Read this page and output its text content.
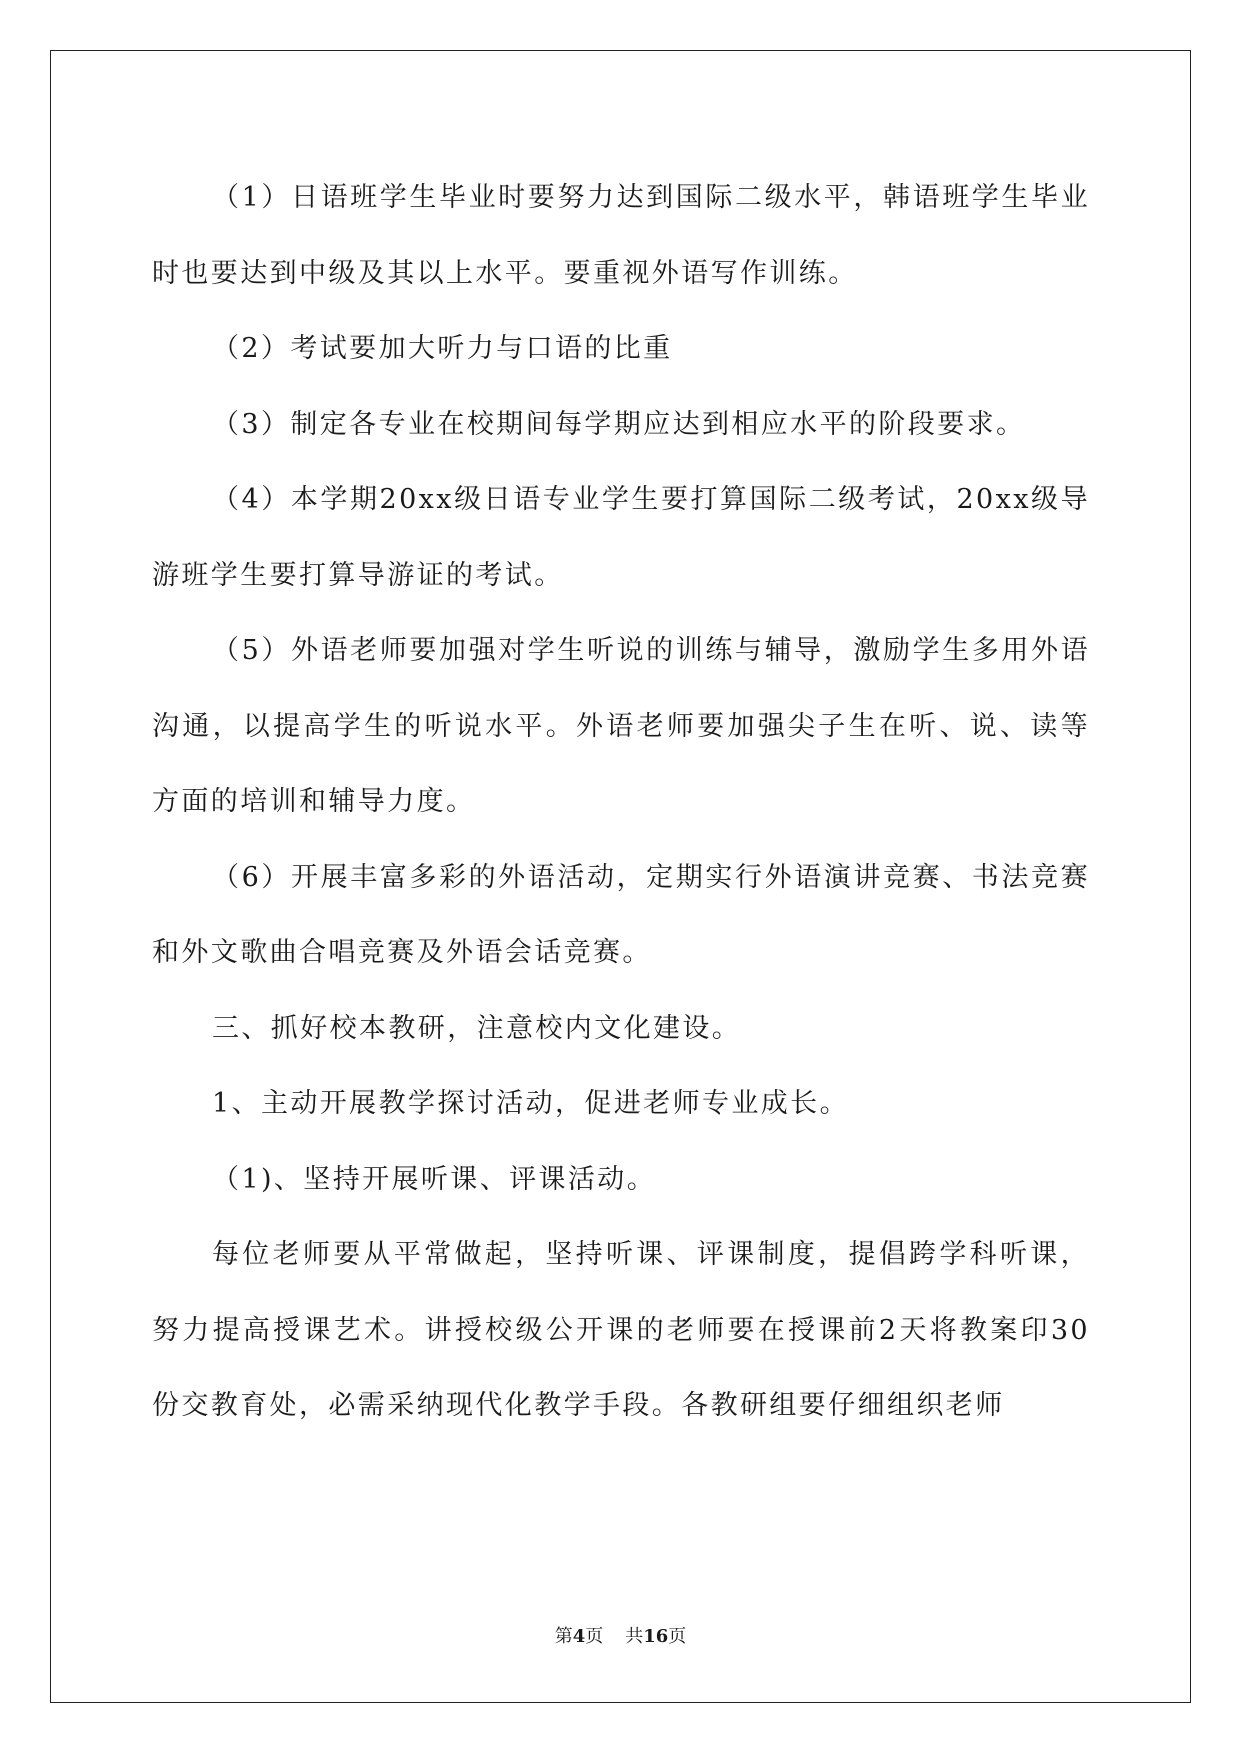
（1）日语班学生毕业时要努力达到国际二级水平，韩语班学生毕业时也要达到中级及其以上水平。要重视外语写作训练。

（2）考试要加大听力与口语的比重

（3）制定各专业在校期间每学期应达到相应水平的阶段要求。

（4）本学期20xx级日语专业学生要打算国际二级考试，20xx级导游班学生要打算导游证的考试。

（5）外语老师要加强对学生听说的训练与辅导，激励学生多用外语沟通，以提高学生的听说水平。外语老师要加强尖子生在听、说、读等方面的培训和辅导力度。

（6）开展丰富多彩的外语活动，定期实行外语演讲竞赛、书法竞赛和外文歌曲合唱竞赛及外语会话竞赛。

三、抓好校本教研，注意校内文化建设。

1、主动开展教学探讨活动，促进老师专业成长。

（1)、坚持开展听课、评课活动。

每位老师要从平常做起，坚持听课、评课制度，提倡跨学科听课，努力提高授课艺术。讲授校级公开课的老师要在授课前2天将教案印30份交教育处，必需采纳现代化教学手段。各教研组要仔细组织老师

第4页 共16页
